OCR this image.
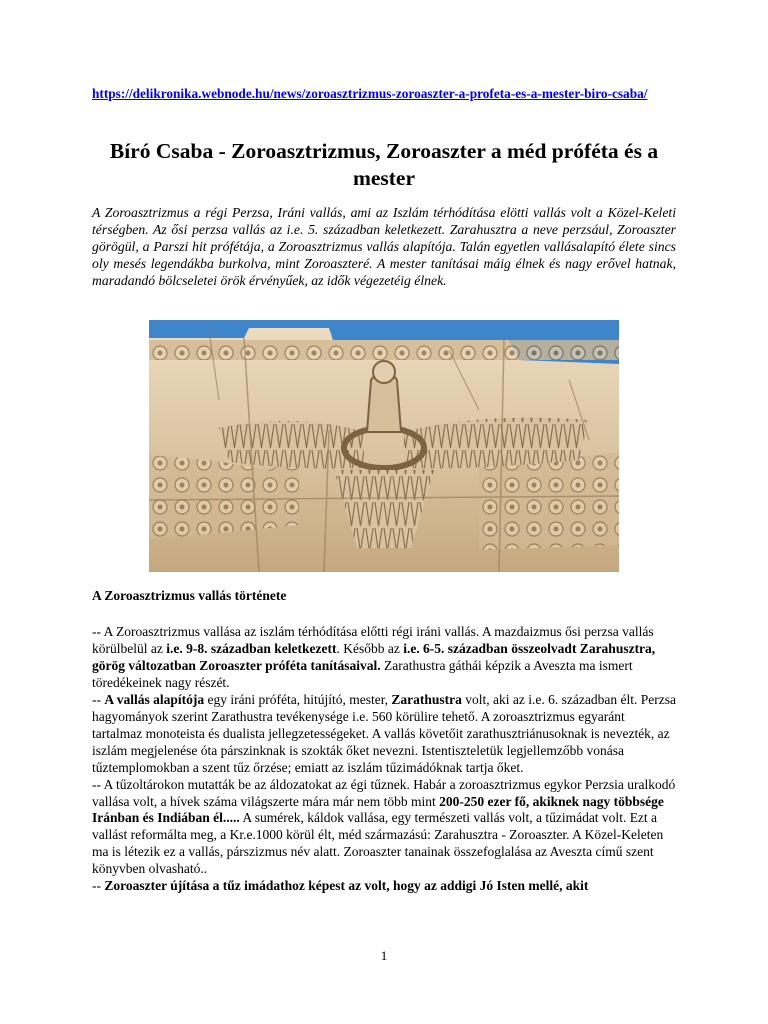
https://delikronika.webnode.hu/news/zoroasztrizmus-zoroaszter-a-profeta-es-a-mester-biro-csaba/
Bíró Csaba - Zoroasztrizmus, Zoroaszter a méd próféta és a mester

A Zoroasztrizmus a régi Perzsa, Iráni vallás, ami az Iszlám térhódítása elötti vallás volt a Közel-Keleti térségben. Az ősi perzsa vallás az i.e. 5. században keletkezett. Zarahusztra a neve perzsául, Zoroaszter görögül, a Parszi hit prófétája, a Zoroasztrizmus vallás alapítója. Talán egyetlen vallásalapító élete sincs oly mesés legendákba burkolva, mint Zoroaszteré. A mester tanításai máig élnek és nagy erővel hatnak, maradandó bölcseletei örök érvényűek, az idők végezetéig élnek.

A Zoroasztrizmus vallás története

-- A Zoroasztrizmus vallása az iszlám térhódítása előtti régi iráni vallás. A mazdaizmus ősi perzsa vallás körülbelül az i.e. 9-8. században keletkezett. Később az i.e. 6-5. században összeolvadt Zarahusztra, görög változatban Zoroaszter próféta tanításaival. Zarathustra gáthái képzik a Aveszta ma ismert töredékeinek nagy részét.

-- A vallás alapítója egy iráni próféta, hitújító, mester, Zarathustra volt, aki az i.e. 6. században élt. Perzsa hagyományok szerint Zarathustra tevékenysége i.e. 560 körülire tehető. A zoroasztrizmus egyaránt tartalmaz monoteista és dualista jellegzetességeket. A vallás követőit zarathusztriánusoknak is nevezték, az iszlám megjelenése óta párszinknak is szokták őket nevezni. Istentiszteletük legjellemzőbb vonása tűztemplomokban a szent tűz őrzése; emiatt az iszlám tűzimádóknak tartja őket.

-- A tűzoltárokon mutatták be az áldozatokat az égi tűznek. Habár a zoroasztrizmus egykor Perzsia uralkodó vallása volt, a hívek száma világszerte mára már nem több mint 200-250 ezer fő, akiknek nagy többsége Iránban és Indiában él..... A sumérek, káldok vallása, egy természeti vallás volt, a tűzimádat volt. Ezt a vallást reformálta meg, a Kr.e.1000 körül élt, méd származású: Zarahusztra - Zoroaszter. A Közel-Keleten ma is létezik ez a vallás, párszizmus név alatt. Zoroaszter tanainak összefoglalása az Aveszta című szent könyvben olvasható..

-- Zoroaszter újítása a tűz imádathoz képest az volt, hogy az addigi Jó Isten mellé, akit

1
